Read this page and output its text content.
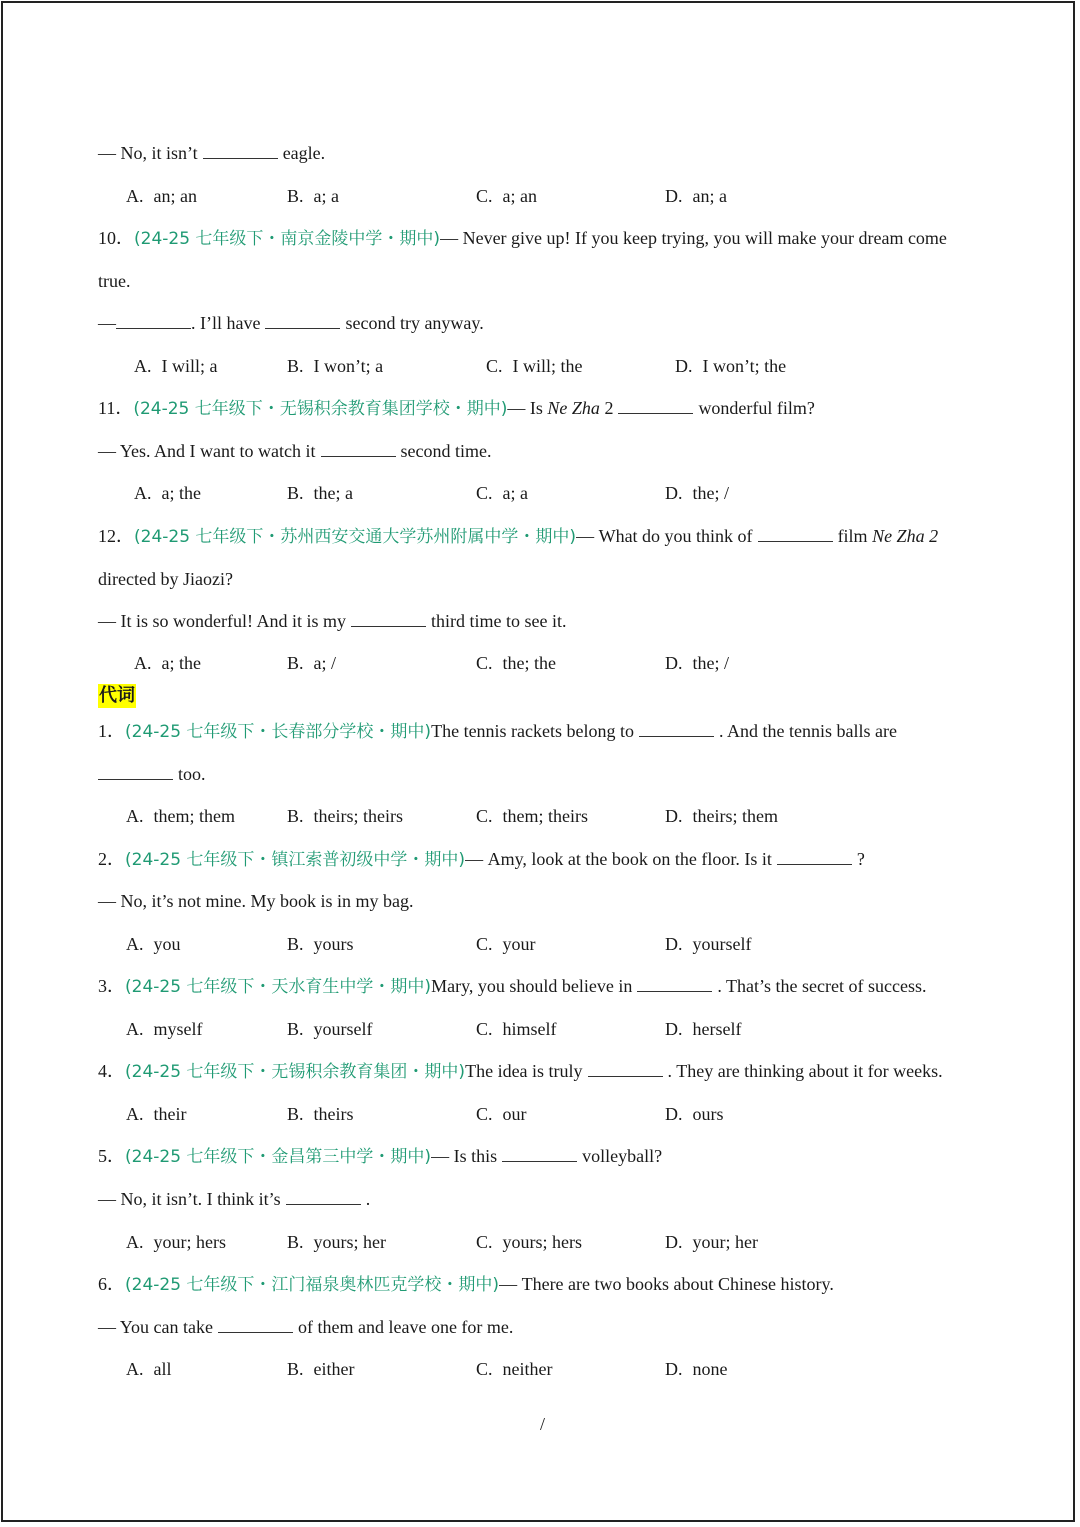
— No, it isn’t	eagle.
A. an; an	B. a; a	C. a; an	D. an; a
10．(24-25 七年级下・南京金陵中学・期中)— Never give up! If you keep trying, you will make your dream come
true.
—	. I’ll have	second try anyway.
A. I will; a	B. I won’t; a	C. I will; the	D. I won’t; the
11．(24-25 七年级下・无锡积余教育集团学校・期中)— Is Ne Zha 2	wonderful film?
— Yes. And I want to watch it	second time.
A. a; the	B. the; a	C. a; a	D. the; /
12．(24-25 七年级下・苏州西安交通大学苏州附属中学・期中)— What do you think of	film Ne Zha 2
directed by Jiaozi?
— It is so wonderful! And it is my	third time to see it.
A. a; the	B. a; /	C. the; the	D. the; /
代词
1．(24-25 七年级下・长春部分学校・期中)The tennis rackets belong to	. And the tennis balls are
too.
A. them; them	B. theirs; theirs	C. them; theirs	D. theirs; them
2．(24-25 七年级下・镇江索普初级中学・期中)— Amy, look at the book on the floor. Is it	?
— No, it’s not mine. My book is in my bag.
A. you	B. yours	C. your	D. yourself
3．(24-25 七年级下・天水育生中学・期中)Mary, you should believe in	. That’s the secret of success.
A. myself	B. yourself	C. himself	D. herself
4．(24-25 七年级下・无锡积余教育集团・期中)The idea is truly	. They are thinking about it for weeks.
A. their	B. theirs	C. our	D. ours
5．(24-25 七年级下・金昌第三中学・期中)— Is this	volleyball?
— No, it isn’t. I think it’s	.
A. your; hers	B. yours; her	C. yours; hers	D. your; her
6．(24-25 七年级下・江门福泉奥林匹克学校・期中)— There are two books about Chinese history.
— You can take	of them and leave one for me.
A. all	B. either	C. neither	D. none
/
